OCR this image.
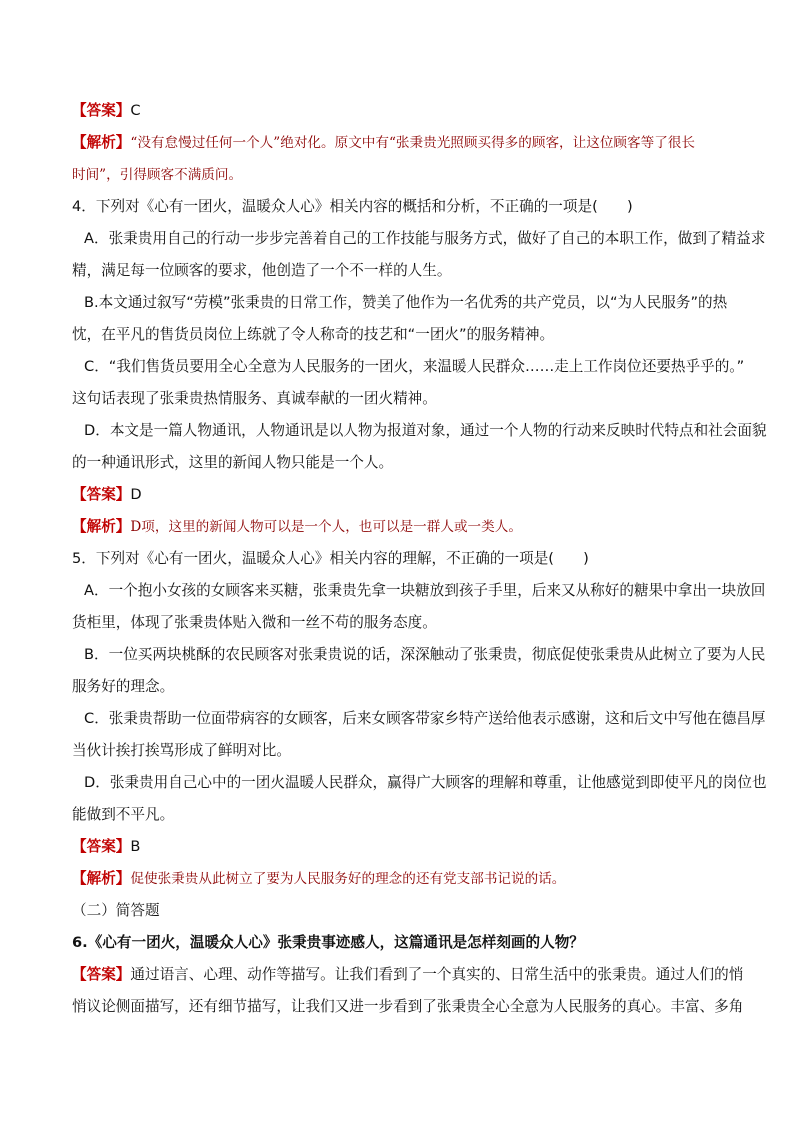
【答案】C
【解析】“没有怠慢过任何一个人”绝对化。原文中有“张秉贵光照顾买得多的顾客，让这位顾客等了很长
时间”，引得顾客不满质问。
4．下列对《心有一团火，温暖众人心》相关内容的概括和分析，不正确的一项是(　　)
A．张秉贵用自己的行动一步步完善着自己的工作技能与服务方式，做好了自己的本职工作，做到了精益求
精，满足每一位顾客的要求，他创造了一个不一样的人生。
B.本文通过叙写“劳模”张秉贵的日常工作，赞美了他作为一名优秀的共产党员，以“为人民服务”的热
忱，在平凡的售货员岗位上练就了令人称奇的技艺和“一团火”的服务精神。
C．“我们售货员要用全心全意为人民服务的一团火，来温暖人民群众……走上工作岗位还要热乎乎的。”
这句话表现了张秉贵热情服务、真诚奉献的一团火精神。
D．本文是一篇人物通讯，人物通讯是以人物为报道对象，通过一个人物的行动来反映时代特点和社会面貌
的一种通讯形式，这里的新闻人物只能是一个人。
【答案】D
【解析】D项，这里的新闻人物可以是一个人，也可以是一群人或一类人。
5．下列对《心有一团火，温暖众人心》相关内容的理解，不正确的一项是(　　)
A．一个抱小女孩的女顾客来买糖，张秉贵先拿一块糖放到孩子手里，后来又从称好的糖果中拿出一块放回
货柜里，体现了张秉贵体贴入微和一丝不苟的服务态度。
B．一位买两块桃酥的农民顾客对张秉贵说的话，深深触动了张秉贵，彻底促使张秉贵从此树立了要为人民
服务好的理念。
C．张秉贵帮助一位面带病容的女顾客，后来女顾客带家乡特产送给他表示感谢，这和后文中写他在德昌厚
当伙计挨打挨骂形成了鲜明对比。
D．张秉贵用自己心中的一团火温暖人民群众，赢得广大顾客的理解和尊重，让他感觉到即使平凡的岗位也
能做到不平凡。
【答案】B
【解析】促使张秉贵从此树立了要为人民服务好的理念的还有党支部书记说的话。
（二）简答题
6.《心有一团火，温暖众人心》张秉贵事迹感人，这篇通讯是怎样刻画的人物？
【答案】通过语言、心理、动作等描写。让我们看到了一个真实的、日常生活中的张秉贵。通过人们的悄
悄议论侧面描写，还有细节描写，让我们又进一步看到了张秉贵全心全意为人民服务的真心。丰富、多角
